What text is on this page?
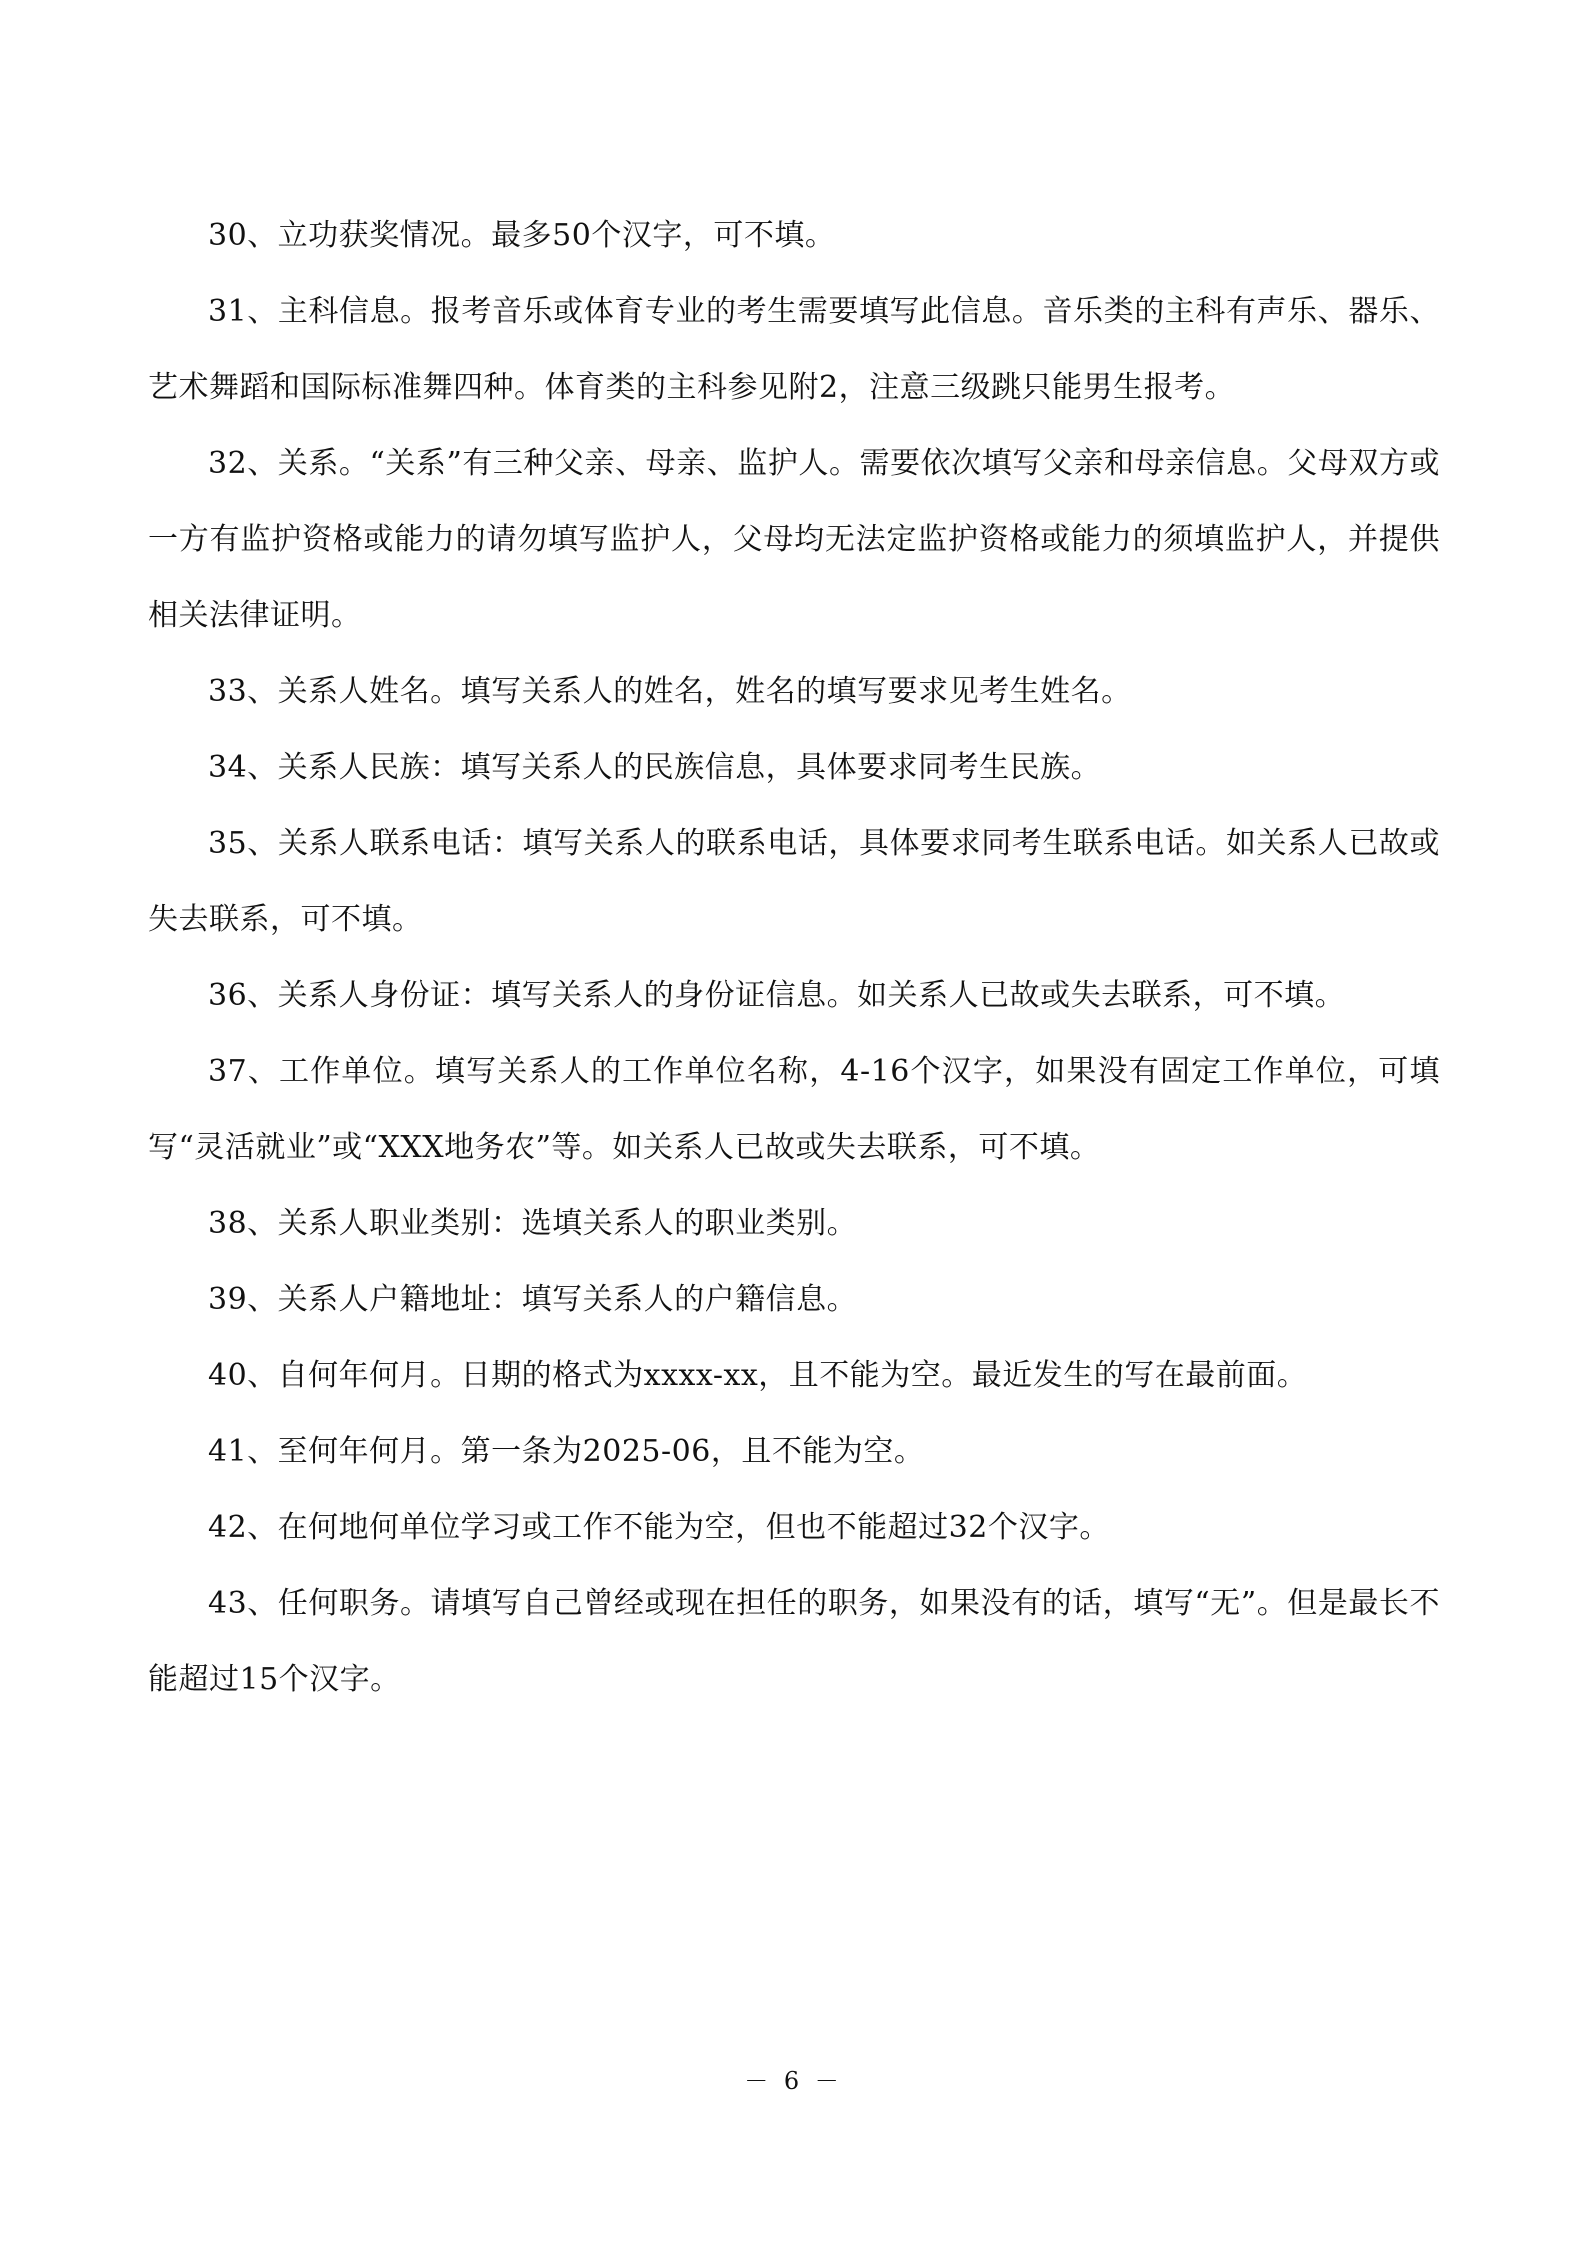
30、立功获奖情况。最多50个汉字，可不填。

31、主科信息。报考音乐或体育专业的考生需要填写此信息。音乐类的主科有声乐、器乐、艺术舞蹈和国际标准舞四种。体育类的主科参见附2，注意三级跳只能男生报考。

32、关系。“关系”有三种父亲、母亲、监护人。需要依次填写父亲和母亲信息。父母双方或一方有监护资格或能力的请勿填写监护人，父母均无法定监护资格或能力的须填监护人，并提供相关法律证明。

33、关系人姓名。填写关系人的姓名，姓名的填写要求见考生姓名。

34、关系人民族：填写关系人的民族信息，具体要求同考生民族。

35、关系人联系电话：填写关系人的联系电话，具体要求同考生联系电话。如关系人已故或失去联系，可不填。

36、关系人身份证：填写关系人的身份证信息。如关系人已故或失去联系，可不填。

37、工作单位。填写关系人的工作单位名称，4-16个汉字，如果没有固定工作单位，可填写“灵活就业”或“XXX地务农”等。如关系人已故或失去联系，可不填。

38、关系人职业类别：选填关系人的职业类别。

39、关系人户籍地址：填写关系人的户籍信息。

40、自何年何月。日期的格式为xxxx-xx，且不能为空。最近发生的写在最前面。

41、至何年何月。第一条为2025-06，且不能为空。

42、在何地何单位学习或工作不能为空，但也不能超过32个汉字。

43、任何职务。请填写自己曾经或现在担任的职务，如果没有的话，填写“无”。但是最长不能超过15个汉字。

－ 6 －
